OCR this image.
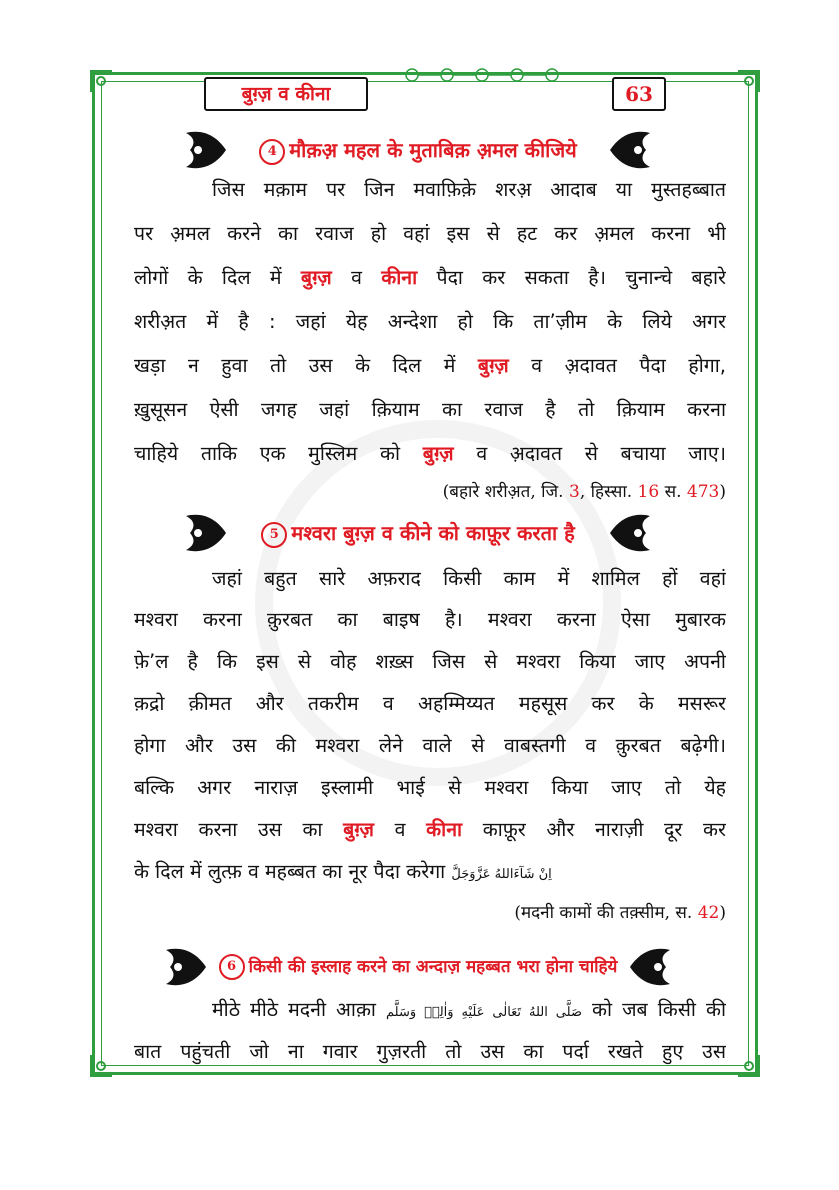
बुग़्ज़ व कीना	63
4 मौक़अ़ महल के मुताबिक़ अ़मल कीजिये
जिस मक़ाम पर जिन मवाफ़िक़े शरअ़ आदाब या मुस्तहब्बात
पर अ़मल करने का रवाज हो वहां इस से हट कर अ़मल करना भी
लोगों के दिल में बुग़्ज़ व कीना पैदा कर सकता है। चुनान्चे बहारे
शरीअ़त में है : जहां येह अन्देशा हो कि ता’ज़ीम के लिये अगर
खड़ा न हुवा तो उस के दिल में बुग़्ज़ व अ़दावत पैदा होगा,
ख़ुसूसन ऐसी जगह जहां क़ियाम का रवाज है तो क़ियाम करना
चाहिये ताकि एक मुस्लिम को बुग़्ज़ व अ़दावत से बचाया जाए।
(बहारे शरीअ़त, जि. 3, हिस्सा. 16 स. 473)
5 मश्वरा बुग़्ज़ व कीने को काफ़ूर करता है
जहां बहुत सारे अफ़राद किसी काम में शामिल हों वहां
मश्वरा करना क़ुरबत का बाइष है। मश्वरा करना ऐसा मुबारक
फ़े’ल है कि इस से वोह शख़्स जिस से मश्वरा किया जाए अपनी
क़द्रो क़ीमत और तकरीम व अहम्मिय्यत महसूस कर के मसरूर
होगा और उस की मश्वरा लेने वाले से वाबस्तगी व क़ुरबत बढ़ेगी।
बल्कि अगर नाराज़ इस्लामी भाई से मश्वरा किया जाए तो येह
मश्वरा करना उस का बुग़्ज़ व कीना काफ़ूर और नाराज़ी दूर कर
के दिल में लुत्फ़ व महब्बत का नूर पैदा करेगा اِنْ شَآءَاللهُ عَزَّوَجَلَّ
(मदनी कामों की तक़्सीम, स. 42)
6 किसी की इस्लाह करने का अन्दाज़ महब्बत भरा होना चाहिये
मीठे मीठे मदनी आक़ा صَلَّى اللهُ تَعَالٰى عَلَيْهِ وَاٰلِهٖ وَسَلَّم को जब किसी की
बात पहुंचती जो ना गवार गुज़रती तो उस का पर्दा रखते हुए उस
